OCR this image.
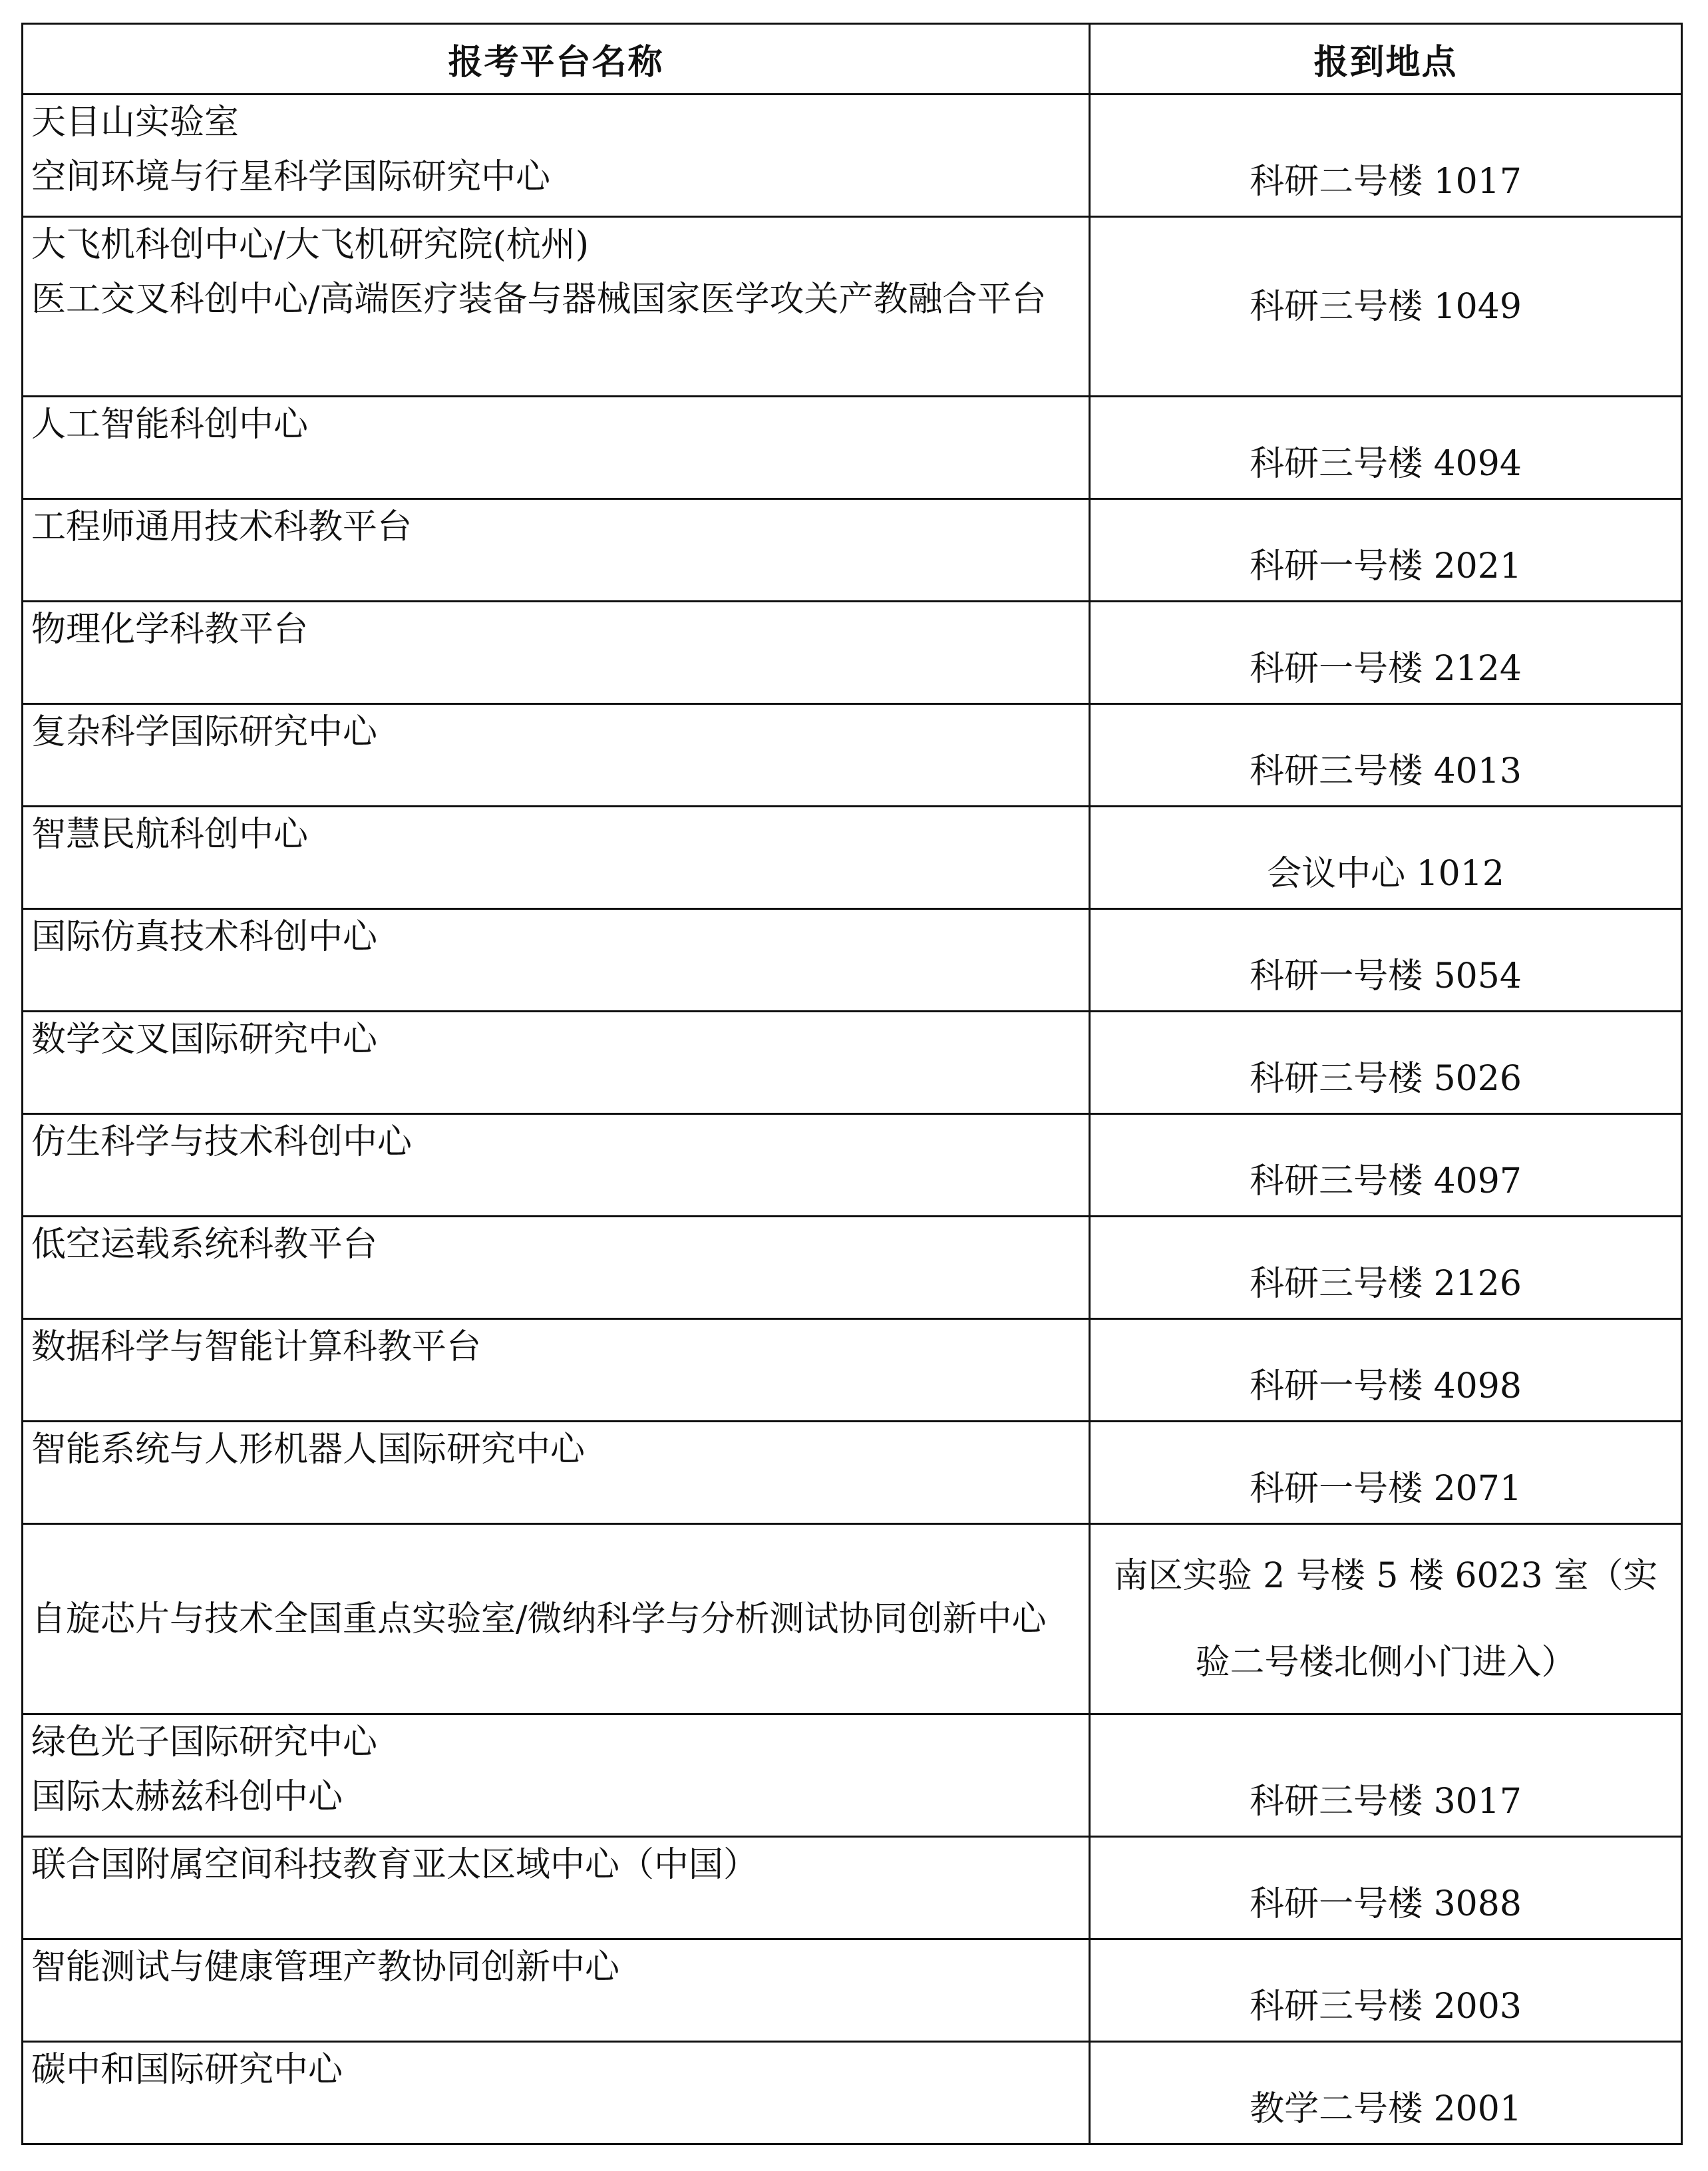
报考平台名称	报到地点

天目山实验室
空间环境与行星科学国际研究中心	科研二号楼 1017

大飞机科创中心/大飞机研究院(杭州)
医工交叉科创中心/高端医疗装备与器械国家医学攻关产教融合平台	科研三号楼 1049

人工智能科创中心	科研三号楼 4094

工程师通用技术科教平台	科研一号楼 2021

物理化学科教平台	科研一号楼 2124

复杂科学国际研究中心	科研三号楼 4013

智慧民航科创中心	会议中心 1012

国际仿真技术科创中心	科研一号楼 5054

数学交叉国际研究中心	科研三号楼 5026

仿生科学与技术科创中心	科研三号楼 4097

低空运载系统科教平台	科研三号楼 2126

数据科学与智能计算科教平台	科研一号楼 4098

智能系统与人形机器人国际研究中心	科研一号楼 2071

自旋芯片与技术全国重点实验室/微纳科学与分析测试协同创新中心	南区实验 2 号楼 5 楼 6023 室（实验二号楼北侧小门进入）

绿色光子国际研究中心
国际太赫兹科创中心	科研三号楼 3017

联合国附属空间科技教育亚太区域中心（中国）	科研一号楼 3088

智能测试与健康管理产教协同创新中心	科研三号楼 2003

碳中和国际研究中心	教学二号楼 2001
